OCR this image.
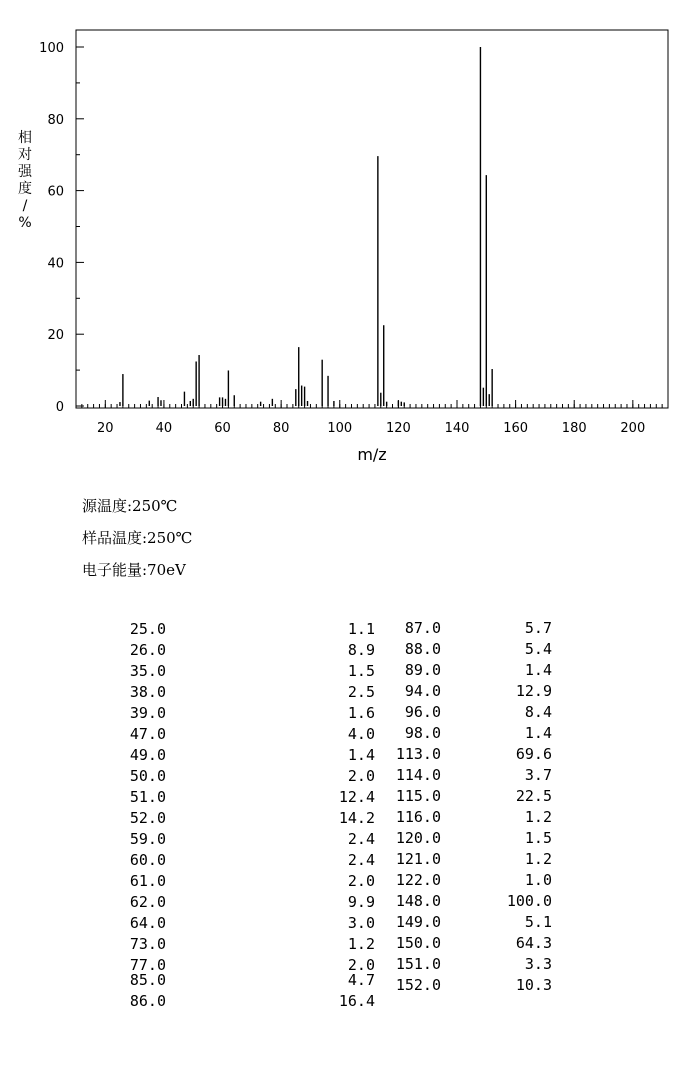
20	40	60	80	100	120	140	160	180	200
0
20
40
60
80
100
m/z
相
对
强
度
/
%
源温度:250℃
样品温度:250℃
电子能量:70eV
25.0	1.1
26.0	8.9
35.0	1.5
38.0	2.5
39.0	1.6
47.0	4.0
49.0	1.4
50.0	2.0
51.0	12.4
52.0	14.2
59.0	2.4
60.0	2.4
61.0	2.0
62.0	9.9
64.0	3.0
73.0	1.2
77.0	2.0
85.0	4.7
86.0	16.4
87.0	5.7
88.0	5.4
89.0	1.4
94.0	12.9
96.0	8.4
98.0	1.4
113.0	69.6
114.0	3.7
115.0	22.5
116.0	1.2
120.0	1.5
121.0	1.2
122.0	1.0
148.0	100.0
149.0	5.1
150.0	64.3
151.0	3.3
152.0	10.3
